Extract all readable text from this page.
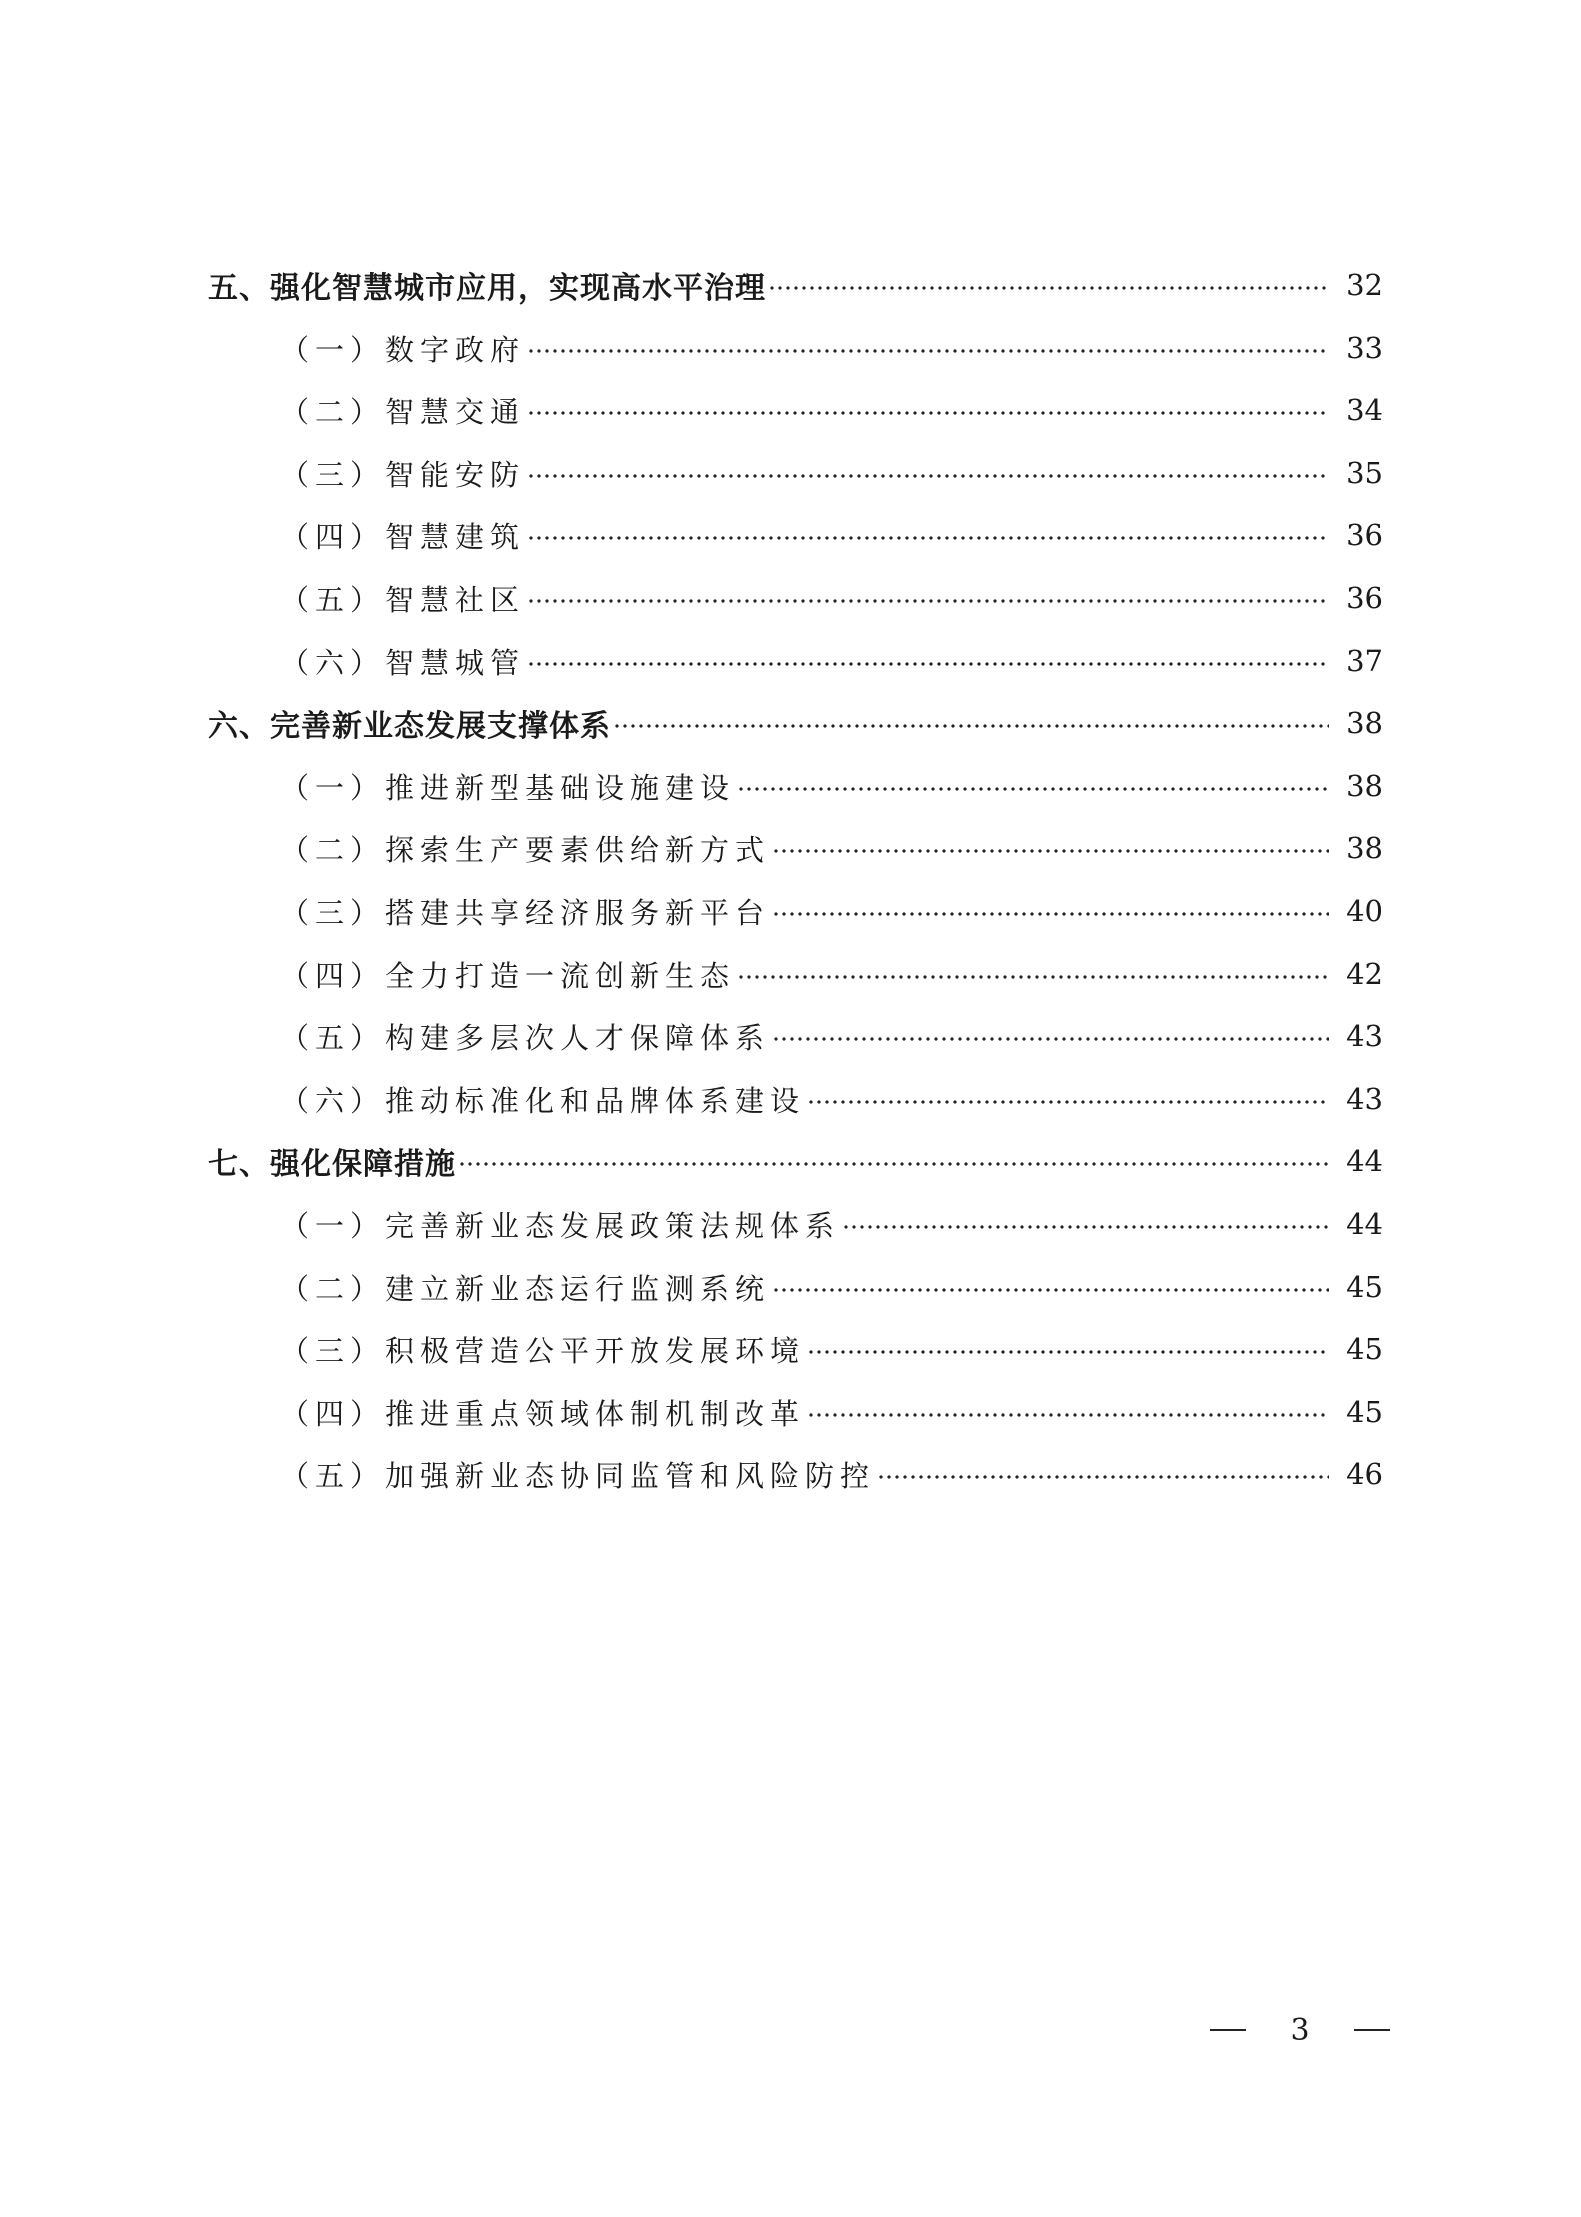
五、强化智慧城市应用，实现高水平治理	32
（一）数字政府	33
（二）智慧交通	34
（三）智能安防	35
（四）智慧建筑	36
（五）智慧社区	36
（六）智慧城管	37
六、完善新业态发展支撑体系	38
（一）推进新型基础设施建设	38
（二）探索生产要素供给新方式	38
（三）搭建共享经济服务新平台	40
（四）全力打造一流创新生态	42
（五）构建多层次人才保障体系	43
（六）推动标准化和品牌体系建设	43
七、强化保障措施	44
（一）完善新业态发展政策法规体系	44
（二）建立新业态运行监测系统	45
（三）积极营造公平开放发展环境	45
（四）推进重点领域体制机制改革	45
（五）加强新业态协同监管和风险防控	46
3
